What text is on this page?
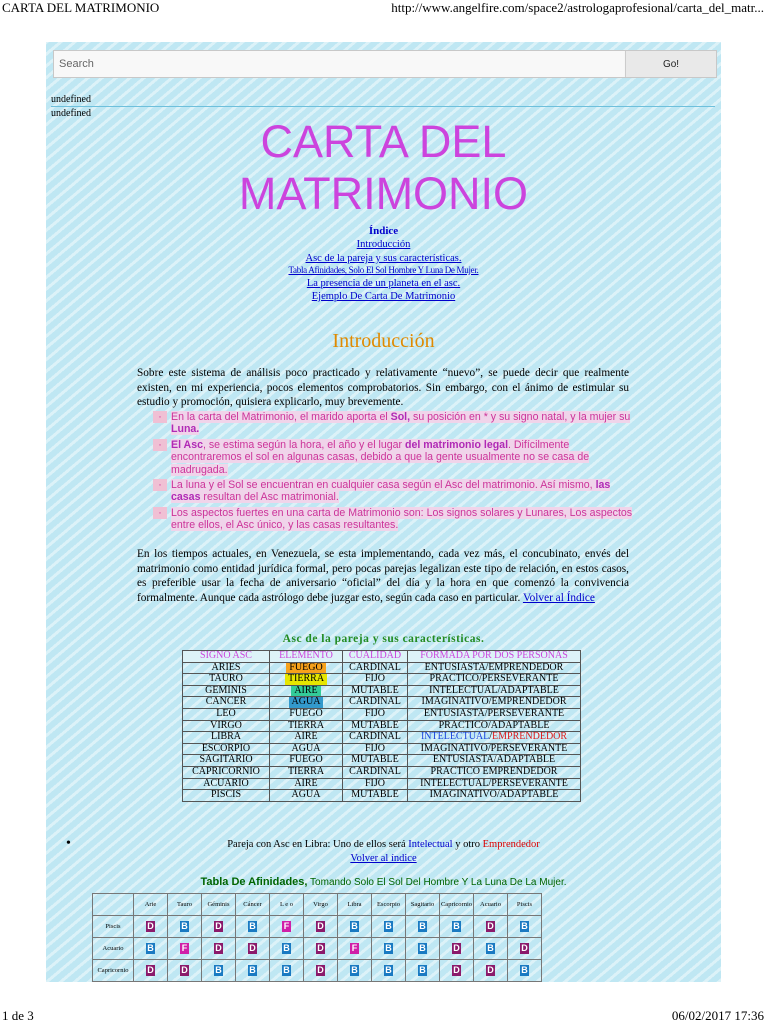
CARTA DEL MATRIMONIO	http://www.angelfire.com/space2/astrologaprofesional/carta_del_matr...
Search
Go!
undefined
undefined
CARTA DEL
MATRIMONIO
Índice
Introducción
Asc de la pareja y sus características.
Tabla Afinidades, Solo El Sol Hombre Y Luna De Mujer.
La presencia de un planeta en el asc.
Ejemplo De Carta De Matrimonio
Introducción
Sobre este sistema de análisis poco practicado y relativamente “nuevo”, se puede decir que realmente existen, en mi experiencia, pocos elementos comprobatorios. Sin embargo, con el ánimo de estimular su estudio y promoción, quisiera explicarlo, muy brevemente.
· En la carta del Matrimonio, el marido aporta el Sol, su posición en * y su signo natal, y la mujer su Luna.
· El Asc, se estima según la hora, el año y el lugar del matrimonio legal. Difícilmente encontraremos el sol en algunas casas, debido a que la gente usualmente no se casa de madrugada.
· La luna y el Sol se encuentran en cualquier casa según el Asc del matrimonio. Así mismo, las casas resultan del Asc matrimonial.
· Los aspectos fuertes en una carta de Matrimonio son: Los signos solares y Lunares, Los aspectos entre ellos, el Asc único, y las casas resultantes.
En los tiempos actuales, en Venezuela, se esta implementando, cada vez más, el concubinato, envés del matrimonio como entidad jurídica formal, pero pocas parejas legalizan este tipo de relación, en estos casos, es preferible usar la fecha de aniversario “oficial” del día y la hora en que comenzó la convivencia formalmente. Aunque cada astrólogo debe juzgar esto, según cada caso en particular. Volver al Índice
Asc de la pareja y sus características.
SIGNO ASC	ELEMENTO	CUALIDAD	FORMADA POR DOS PERSONAS
ARIES	FUEGO	CARDINAL	ENTUSIASTA/EMPRENDEDOR
TAURO	TIERRA	FIJO	PRACTICO/PERSEVERANTE
GEMINIS	AIRE	MUTABLE	INTELECTUAL/ADAPTABLE
CANCER	AGUA	CARDINAL	IMAGINATIVO/EMPRENDEDOR
LEO	FUEGO	FIJO	ENTUSIASTA/PERSEVERANTE
VIRGO	TIERRA	MUTABLE	PRACTICO/ADAPTABLE
LIBRA	AIRE	CARDINAL	INTELECTUAL/EMPRENDEDOR
ESCORPIO	AGUA	FIJO	IMAGINATIVO/PERSEVERANTE
SAGITARIO	FUEGO	MUTABLE	ENTUSIASTA/ADAPTABLE
CAPRICORNIO	TIERRA	CARDINAL	PRACTICO EMPRENDEDOR
ACUARIO	AIRE	FIJO	INTELECTUAL/PERSEVERANTE
PISCIS	AGUA	MUTABLE	IMAGINATIVO/ADAPTABLE
•	Pareja con Asc en Libra: Uno de ellos será Intelectual y otro Emprendedor
Volver al índice
Tabla De Afinidades, Tomando Solo El Sol Del Hombre Y La Luna De La Mujer.
	Arie	Tauro	Géminis	Cáncer	L e o	Virgo	Libra	Escorpio	Sagitario	Capricornio	Acuario	Piscis
Piscis	D	B	D	B	F	D	B	B	B	B	D	B
Acuario	B	F	D	D	B	D	F	B	B	D	B	D
Capricornio	D	D	B	B	B	D	B	B	B	D	D	B
1 de 3	06/02/2017 17:36
